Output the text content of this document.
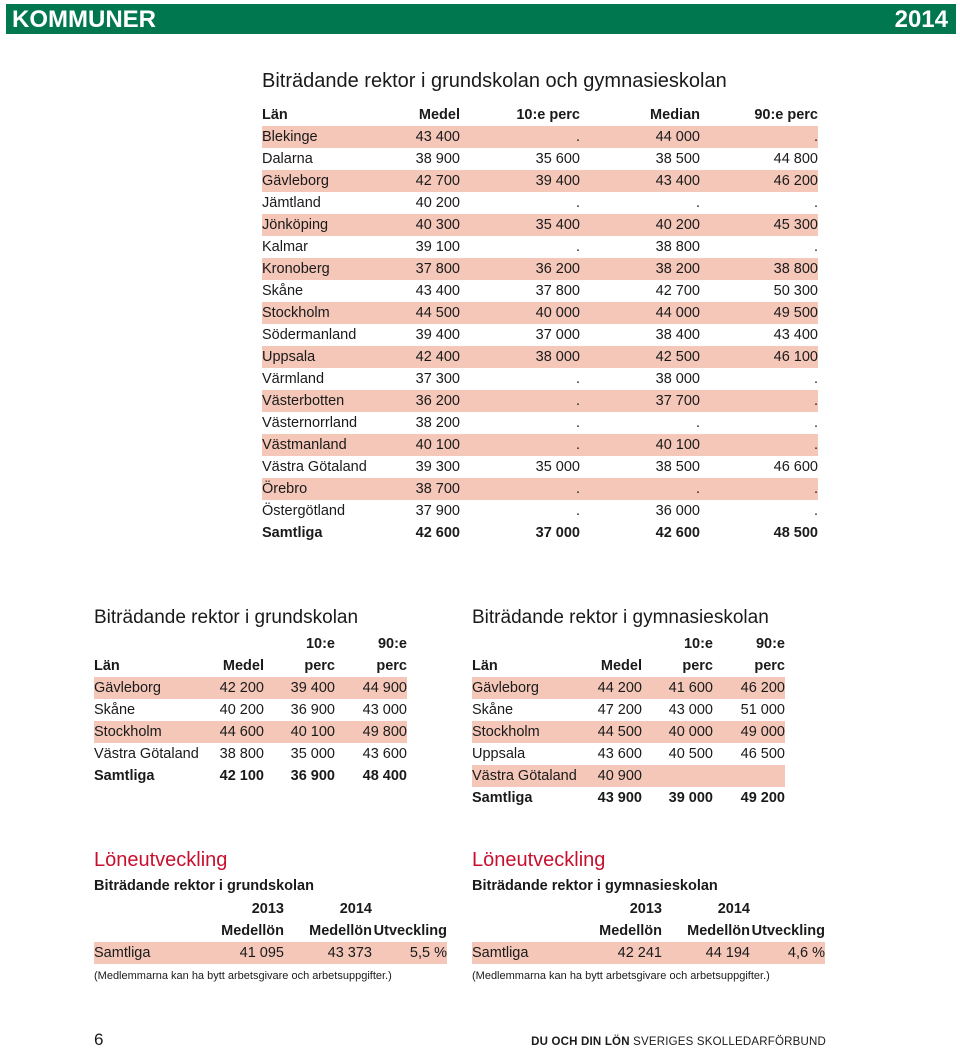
KOMMUNER	2014
Biträdande rektor i grundskolan och gymnasieskolan
Län	Medel	10:e perc	Median	90:e perc
Blekinge	43 400	.	44 000	.
Dalarna	38 900	35 600	38 500	44 800
Gävleborg	42 700	39 400	43 400	46 200
Jämtland	40 200	.	.	.
Jönköping	40 300	35 400	40 200	45 300
Kalmar	39 100	.	38 800	.
Kronoberg	37 800	36 200	38 200	38 800
Skåne	43 400	37 800	42 700	50 300
Stockholm	44 500	40 000	44 000	49 500
Södermanland	39 400	37 000	38 400	43 400
Uppsala	42 400	38 000	42 500	46 100
Värmland	37 300	.	38 000	.
Västerbotten	36 200	.	37 700	.
Västernorrland	38 200	.	.	.
Västmanland	40 100	.	40 100	.
Västra Götaland	39 300	35 000	38 500	46 600
Örebro	38 700	.	.	.
Östergötland	37 900	.	36 000	.
Samtliga	42 600	37 000	42 600	48 500
Biträdande rektor i grundskolan
		10:e	90:e
Län	Medel	perc	perc
Gävleborg	42 200	39 400	44 900
Skåne	40 200	36 900	43 000
Stockholm	44 600	40 100	49 800
Västra Götaland	38 800	35 000	43 600
Samtliga	42 100	36 900	48 400
Biträdande rektor i gymnasieskolan
		10:e	90:e
Län	Medel	perc	perc
Gävleborg	44 200	41 600	46 200
Skåne	47 200	43 000	51 000
Stockholm	44 500	40 000	49 000
Uppsala	43 600	40 500	46 500
Västra Götaland	40 900		
Samtliga	43 900	39 000	49 200
Löneutveckling
Biträdande rektor i grundskolan
	2013	2014	
	Medellön	Medellön	Utveckling
Samtliga	41 095	43 373	5,5 %
(Medlemmarna kan ha bytt arbetsgivare och arbetsuppgifter.)
Löneutveckling
Biträdande rektor i gymnasieskolan
	2013	2014	
	Medellön	Medellön	Utveckling
Samtliga	42 241	44 194	4,6 %
(Medlemmarna kan ha bytt arbetsgivare och arbetsuppgifter.)
6	DU OCH DIN LÖN SVERIGES SKOLLEDARFÖRBUND
